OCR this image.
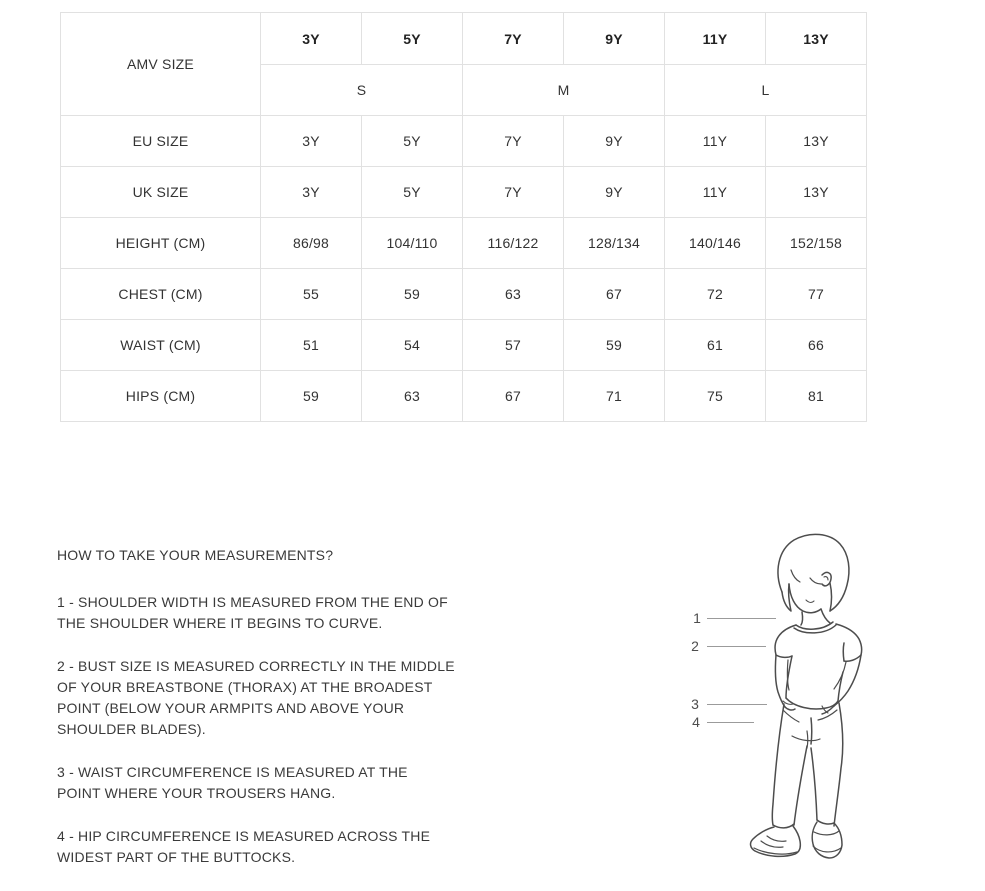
AMV SIZE	3Y	5Y	7Y	9Y	11Y	13Y
	S		M		L	
EU SIZE	3Y	5Y	7Y	9Y	11Y	13Y
UK SIZE	3Y	5Y	7Y	9Y	11Y	13Y
HEIGHT (CM)	86/98	104/110	116/122	128/134	140/146	152/158
CHEST (CM)	55	59	63	67	72	77
WAIST (CM)	51	54	57	59	61	66
HIPS (CM)	59	63	67	71	75	81
HOW TO TAKE YOUR MEASUREMENTS?

1 - SHOULDER WIDTH IS MEASURED FROM THE END OF THE SHOULDER WHERE IT BEGINS TO CURVE.

2 - BUST SIZE IS MEASURED CORRECTLY IN THE MIDDLE OF YOUR BREASTBONE (THORAX) AT THE BROADEST POINT (BELOW YOUR ARMPITS AND ABOVE YOUR SHOULDER BLADES).

3 - WAIST CIRCUMFERENCE IS MEASURED AT THE POINT WHERE YOUR TROUSERS HANG.

4 - HIP CIRCUMFERENCE IS MEASURED ACROSS THE WIDEST PART OF THE BUTTOCKS.

1
2
3
4
